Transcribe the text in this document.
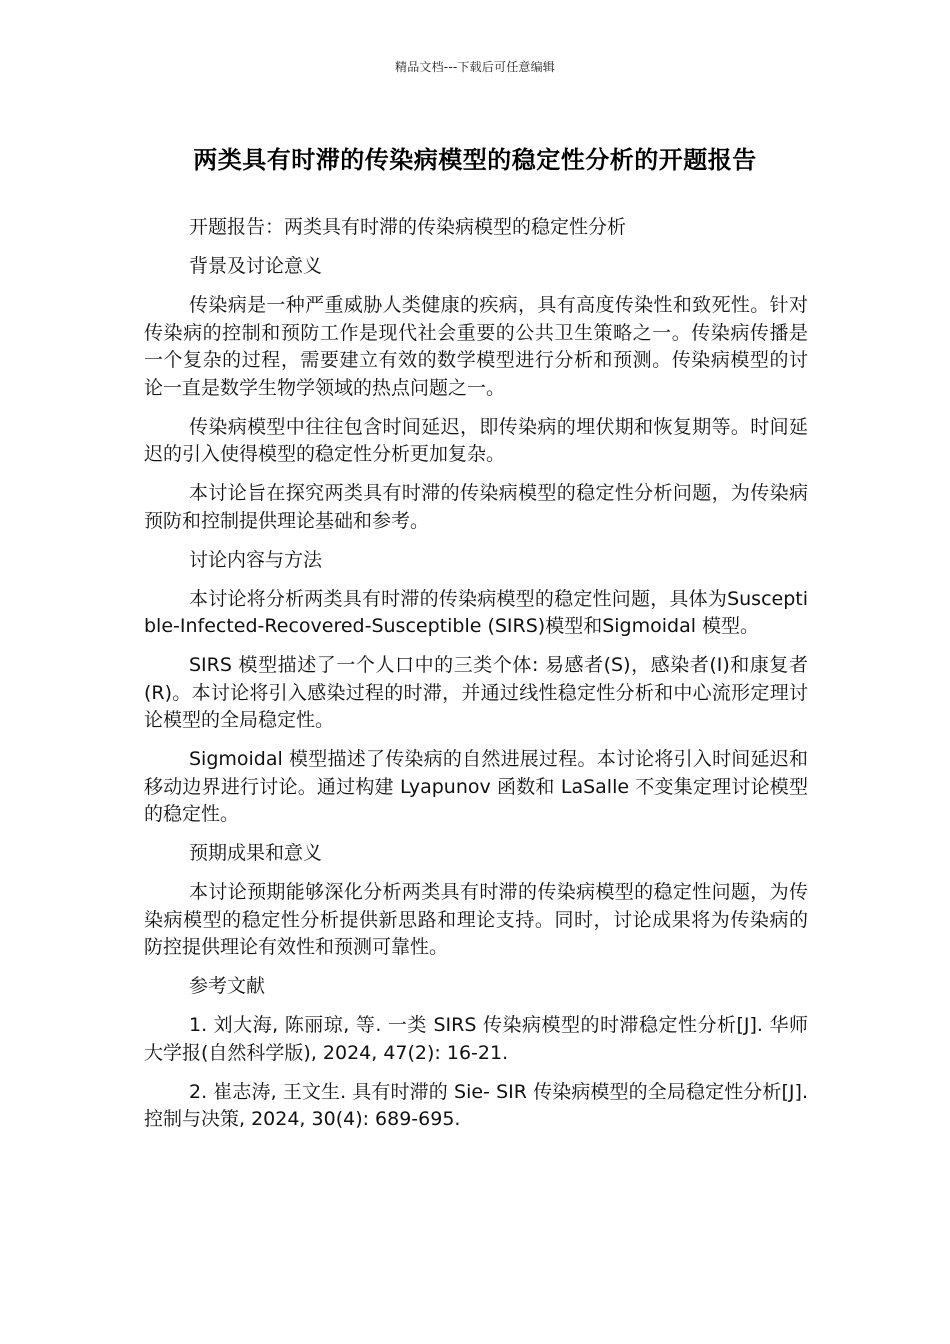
精品文档---下载后可任意编辑
两类具有时滞的传染病模型的稳定性分析的开题报告

开题报告：两类具有时滞的传染病模型的稳定性分析

背景及讨论意义

传染病是一种严重威胁人类健康的疾病，具有高度传染性和致死性。针对传染病的控制和预防工作是现代社会重要的公共卫生策略之一。传染病传播是一个复杂的过程，需要建立有效的数学模型进行分析和预测。传染病模型的讨论一直是数学生物学领域的热点问题之一。

传染病模型中往往包含时间延迟，即传染病的埋伏期和恢复期等。时间延迟的引入使得模型的稳定性分析更加复杂。

本讨论旨在探究两类具有时滞的传染病模型的稳定性分析问题，为传染病预防和控制提供理论基础和参考。

讨论内容与方法

本讨论将分析两类具有时滞的传染病模型的稳定性问题，具体为Susceptible-Infected-Recovered-Susceptible (SIRS)模型和Sigmoidal 模型。

SIRS 模型描述了一个人口中的三类个体: 易感者(S)，感染者(I)和康复者(R)。本讨论将引入感染过程的时滞，并通过线性稳定性分析和中心流形定理讨论模型的全局稳定性。

Sigmoidal 模型描述了传染病的自然进展过程。本讨论将引入时间延迟和移动边界进行讨论。通过构建 Lyapunov 函数和 LaSalle 不变集定理讨论模型的稳定性。

预期成果和意义

本讨论预期能够深化分析两类具有时滞的传染病模型的稳定性问题，为传染病模型的稳定性分析提供新思路和理论支持。同时，讨论成果将为传染病的防控提供理论有效性和预测可靠性。

参考文献

1. 刘大海, 陈丽琼, 等. 一类 SIRS 传染病模型的时滞稳定性分析[J]. 华师大学报(自然科学版), 2024, 47(2): 16-21.

2. 崔志涛, 王文生. 具有时滞的 Sie- SIR 传染病模型的全局稳定性分析[J]. 控制与决策, 2024, 30(4): 689-695.
